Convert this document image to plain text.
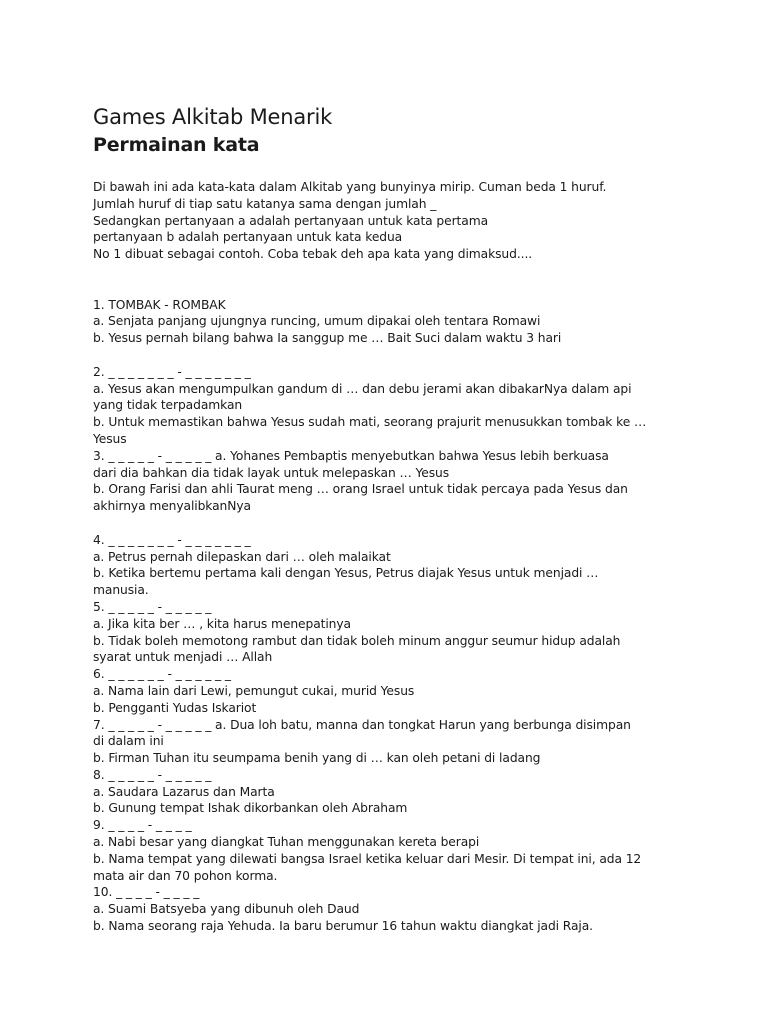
Games Alkitab Menarik
Permainan kata
Di bawah ini ada kata-kata dalam Alkitab yang bunyinya mirip. Cuman beda 1 huruf.
Jumlah huruf di tiap satu katanya sama dengan jumlah _
Sedangkan pertanyaan a adalah pertanyaan untuk kata pertama
pertanyaan b adalah pertanyaan untuk kata kedua
No 1 dibuat sebagai contoh. Coba tebak deh apa kata yang dimaksud....
1. TOMBAK - ROMBAK
a. Senjata panjang ujungnya runcing, umum dipakai oleh tentara Romawi
b. Yesus pernah bilang bahwa Ia sanggup me … Bait Suci dalam waktu 3 hari
2. _ _ _ _ _ _ _ - _ _ _ _ _ _ _
a. Yesus akan mengumpulkan gandum di … dan debu jerami akan dibakarNya dalam api
yang tidak terpadamkan
b. Untuk memastikan bahwa Yesus sudah mati, seorang prajurit menusukkan tombak ke …
Yesus
3. _ _ _ _ _ - _ _ _ _ _ a. Yohanes Pembaptis menyebutkan bahwa Yesus lebih berkuasa
dari dia bahkan dia tidak layak untuk melepaskan … Yesus
b. Orang Farisi dan ahli Taurat meng … orang Israel untuk tidak percaya pada Yesus dan
akhirnya menyalibkanNya
4. _ _ _ _ _ _ _ - _ _ _ _ _ _ _
a. Petrus pernah dilepaskan dari … oleh malaikat
b. Ketika bertemu pertama kali dengan Yesus, Petrus diajak Yesus untuk menjadi …
manusia.
5. _ _ _ _ _ - _ _ _ _ _
a. Jika kita ber … , kita harus menepatinya
b. Tidak boleh memotong rambut dan tidak boleh minum anggur seumur hidup adalah
syarat untuk menjadi … Allah
6. _ _ _ _ _ _ - _ _ _ _ _ _
a. Nama lain dari Lewi, pemungut cukai, murid Yesus
b. Pengganti Yudas Iskariot
7. _ _ _ _ _ - _ _ _ _ _ a. Dua loh batu, manna dan tongkat Harun yang berbunga disimpan
di dalam ini
b. Firman Tuhan itu seumpama benih yang di … kan oleh petani di ladang
8. _ _ _ _ _ - _ _ _ _ _
a. Saudara Lazarus dan Marta
b. Gunung tempat Ishak dikorbankan oleh Abraham
9. _ _ _ _ - _ _ _ _
a. Nabi besar yang diangkat Tuhan menggunakan kereta berapi
b. Nama tempat yang dilewati bangsa Israel ketika keluar dari Mesir. Di tempat ini, ada 12
mata air dan 70 pohon korma.
10. _ _ _ _ - _ _ _ _
a. Suami Batsyeba yang dibunuh oleh Daud
b. Nama seorang raja Yehuda. Ia baru berumur 16 tahun waktu diangkat jadi Raja.
